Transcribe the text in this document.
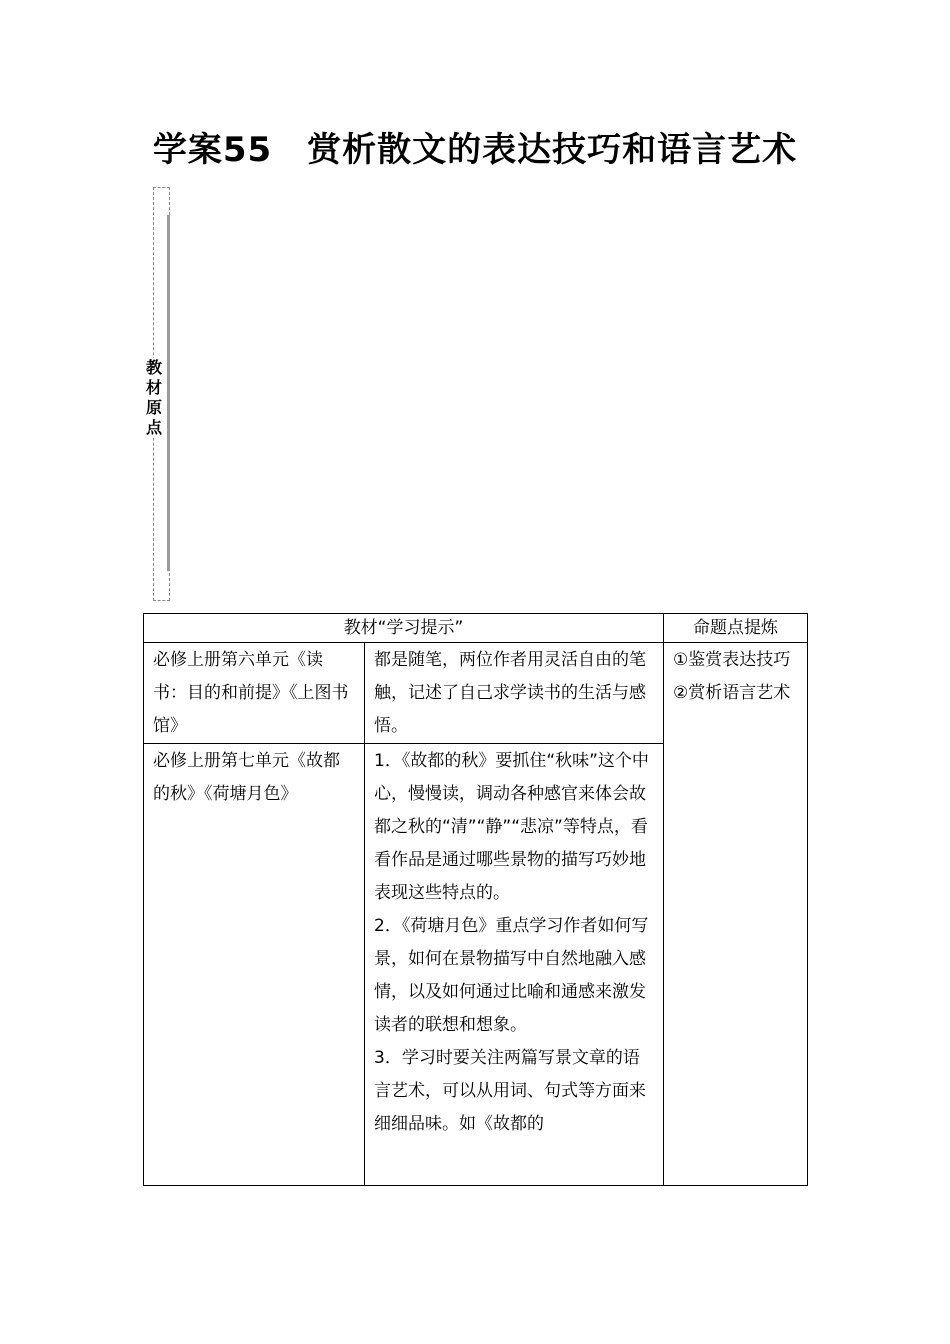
学案55　赏析散文的表达技巧和语言艺术
教材原点
教材“学习提示”		命题点提炼
必修上册第六单元《读书：目的和前提》《上图书馆》	都是随笔，两位作者用灵活自由的笔触，记述了自己求学读书的生活与感悟。	①鉴赏表达技巧
②赏析语言艺术

必修上册第七单元《故都的秋》《荷塘月色》	1．《故都的秋》要抓住“秋味”这个中心，慢慢读，调动各种感官来体会故都之秋的“清”“静”“悲凉”等特点，看看作品是通过哪些景物的描写巧妙地表现这些特点的。
2．《荷塘月色》重点学习作者如何写景，如何在景物描写中自然地融入感情，以及如何通过比喻和通感来激发读者的联想和想象。
3．学习时要关注两篇写景文章的语言艺术，可以从用词、句式等方面来细细品味。如《故都的	
